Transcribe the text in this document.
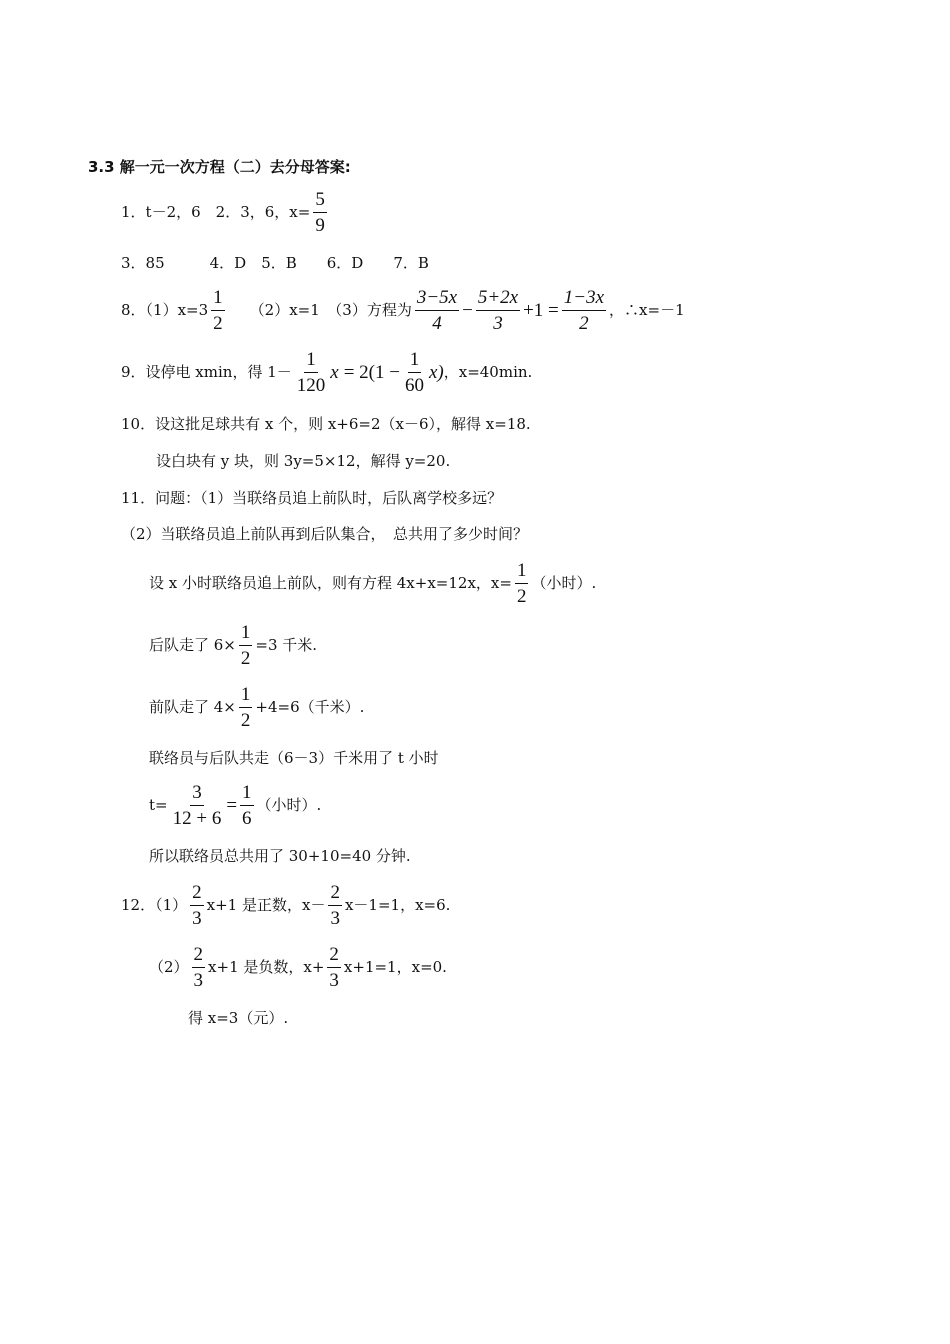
3.3 解一元一次方程（二）去分母答案:
1．t－2，6　2．3，6，$x= \frac{5}{9}$
3．85　　　4．D　5．B　　6．D　　7．B
8．$(1)x=3 \frac{1}{2} (2)x=1$　（3）方程为 $\frac{3-5x}{4} - \frac{5+2x}{3} +1 = \frac{1-3x}{2}$ ，∴x=－1
9．设停电 xmin，得 $1- \frac{1}{120}$ $x = 2(1 - \frac{1}{60} x)$ ，x=40min.
10．设这批足球共有 x 个，则 x+6=2（x－6），解得 x=18.
设白块有 y 块，则 3y=5×12，解得 y=20.
11．问题：（1）当联络员追上前队时，后队离学校多远？
（2）当联络员追上前队再到后队集合，　总共用了多少时间？
设 x 小时联络员追上前队，则有方程 4x+x=12x，$x= \frac{1}{2}$ （小时）.
后队走了 $6\times \frac{1}{2} =3$ 千米.
前队走了 $4\times \frac{1}{2} +4=6$（千米）.
联络员与后队共走（6－3）千米用了 t 小时
$t= \frac{3}{12 + 6} = \frac{1}{6}$ （小时）.
所以联络员总共用了 30+10=40 分钟.
12．$(1) \frac{2}{3} x+1$ 是正数，$x- \frac{2}{3} x-1=1$，x=6.
$(2) \frac{2}{3} x+1$ 是负数，$x+ \frac{2}{3} x+1=1$，x=0.
得 x=3（元）.
